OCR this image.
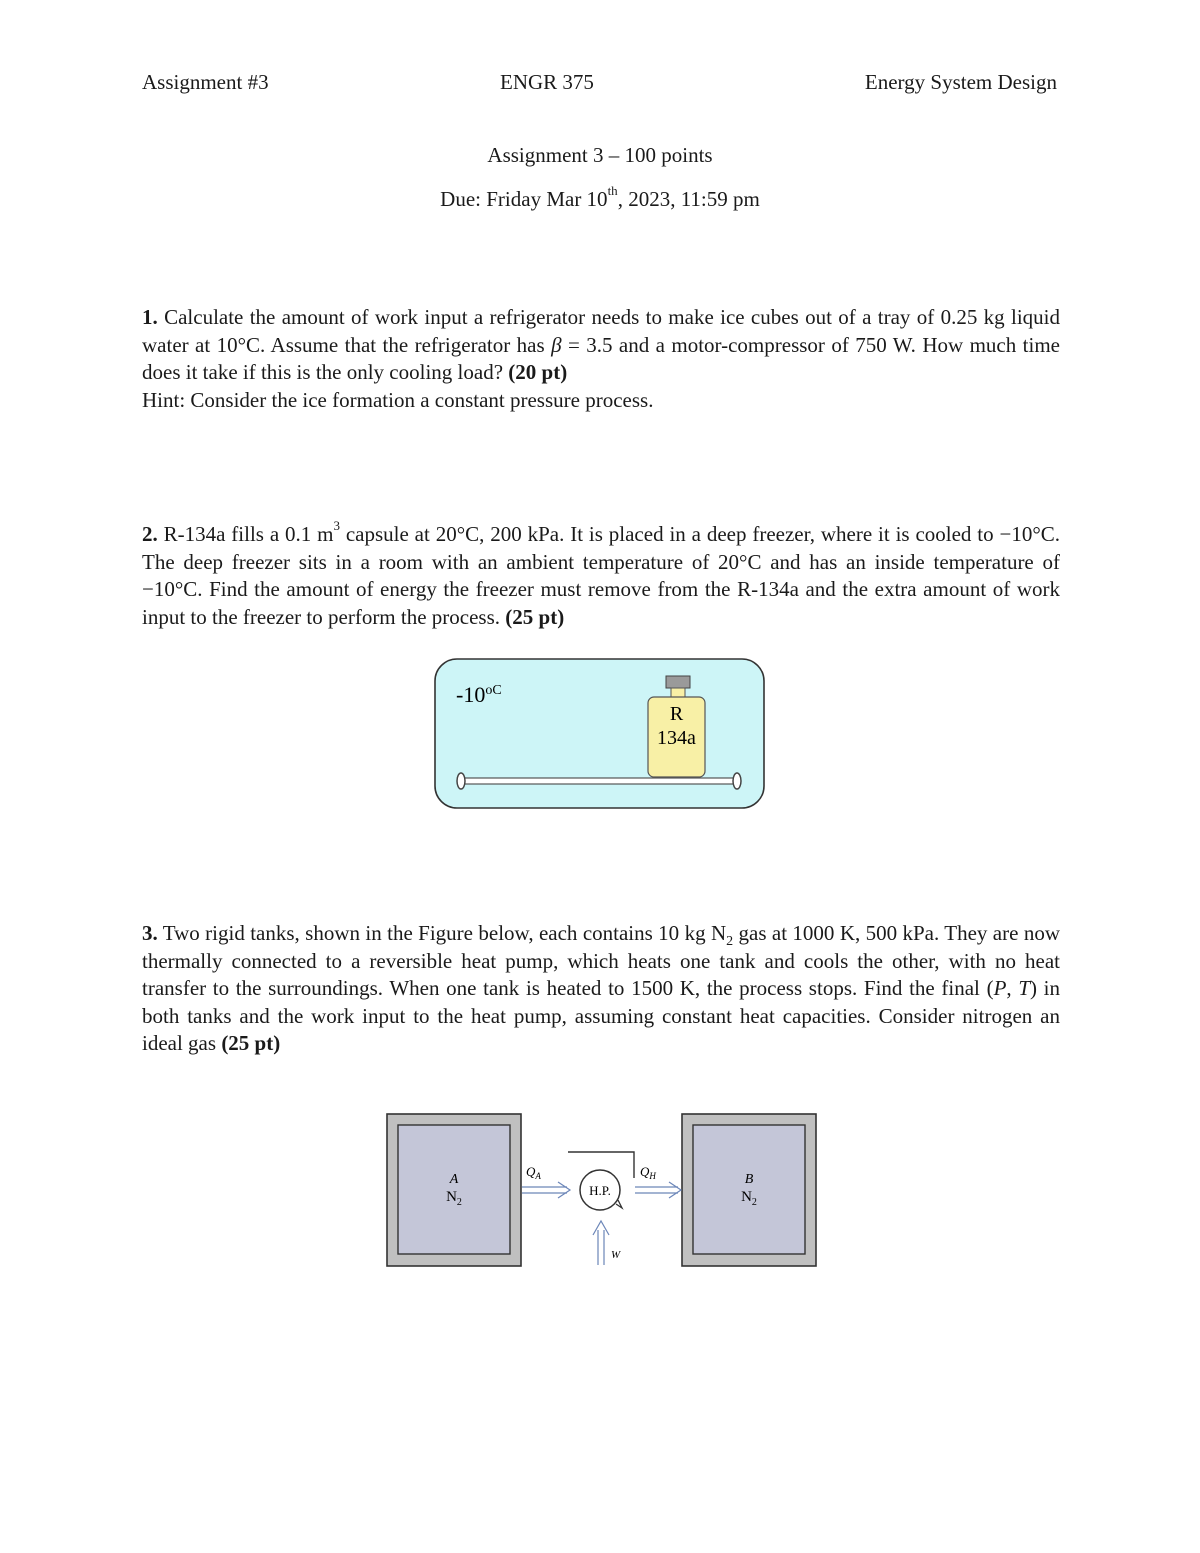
Assignment #3	ENGR 375	Energy System Design
Assignment 3 – 100 points
Due: Friday Mar 10th, 2023, 11:59 pm

1. Calculate the amount of work input a refrigerator needs to make ice cubes out of a tray of 0.25 kg liquid water at 10°C. Assume that the refrigerator has β = 3.5 and a motor-compressor of 750 W. How much time does it take if this is the only cooling load? (20 pt)

Hint: Consider the ice formation a constant pressure process.

2. R-134a fills a 0.1 $m^3$ capsule at 20°C, 200 kPa. It is placed in a deep freezer, where it is cooled to −10°C. The deep freezer sits in a room with an ambient temperature of 20°C and has an inside temperature of −10°C. Find the amount of energy the freezer must remove from the R-134a and the extra amount of work input to the freezer to perform the process. (25 pt)

$-10^{oC}$
R
134a

3. Two rigid tanks, shown in the Figure below, each contains 10 kg $N_2$ gas at 1000 K, 500 kPa. They are now thermally connected to a reversible heat pump, which heats one tank and cools the other, with no heat transfer to the surroundings. When one tank is heated to 1500 K, the process stops. Find the final (P, T) in both tanks and the work input to the heat pump, assuming constant heat capacities. Consider nitrogen an ideal gas (25 pt)

A
$N_2$
B
$N_2$
$Q_A$
H.P.
$Q_H$
W
